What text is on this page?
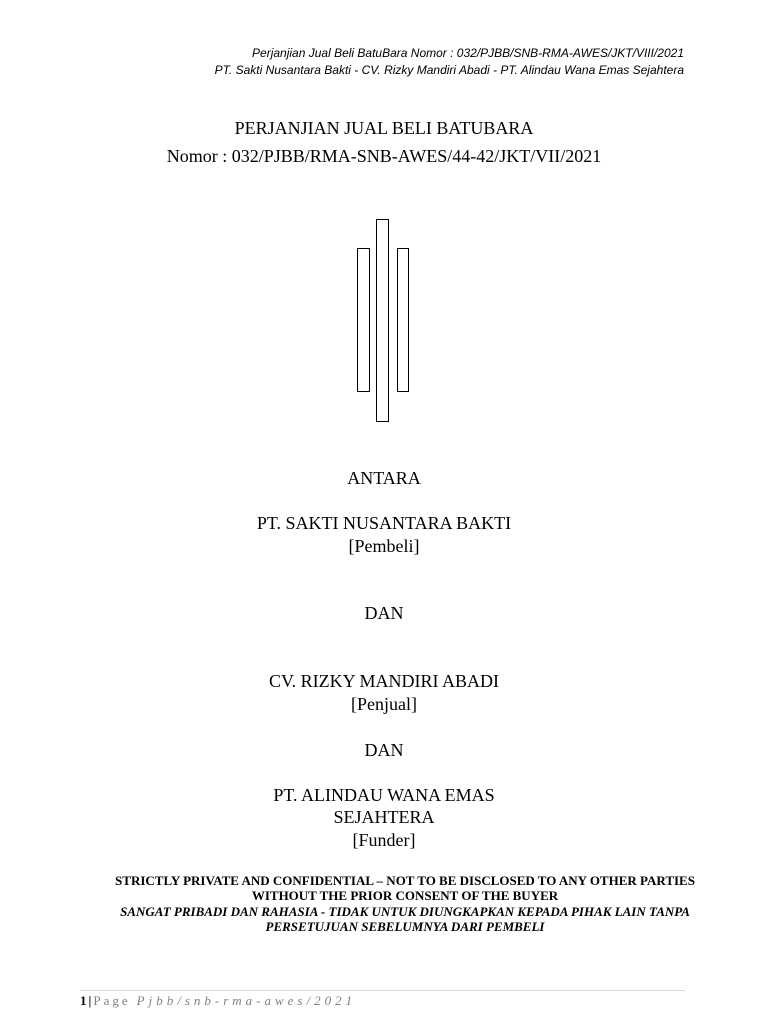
Perjanjian Jual Beli BatuBara Nomor : 032/PJBB/SNB-RMA-AWES/JKT/VIII/2021
PT. Sakti Nusantara Bakti - CV. Rizky Mandiri Abadi - PT. Alindau Wana Emas Sejahtera
PERJANJIAN JUAL BELI BATUBARA
Nomor : 032/PJBB/RMA-SNB-AWES/44-42/JKT/VII/2021
ANTARA
PT. SAKTI NUSANTARA BAKTI
[Pembeli]
DAN
CV. RIZKY MANDIRI ABADI
[Penjual]
DAN
PT. ALINDAU WANA EMAS
SEJAHTERA
[Funder]
STRICTLY PRIVATE AND CONFIDENTIAL – NOT TO BE DISCLOSED TO ANY OTHER PARTIES
WITHOUT THE PRIOR CONSENT OF THE BUYER
SANGAT PRIBADI DAN RAHASIA - TIDAK UNTUK DIUNGKAPKAN KEPADA PIHAK LAIN TANPA
PERSETUJUAN SEBELUMNYA DARI PEMBELI
1 | Page Pjbb/snb-rma-awes/2021
